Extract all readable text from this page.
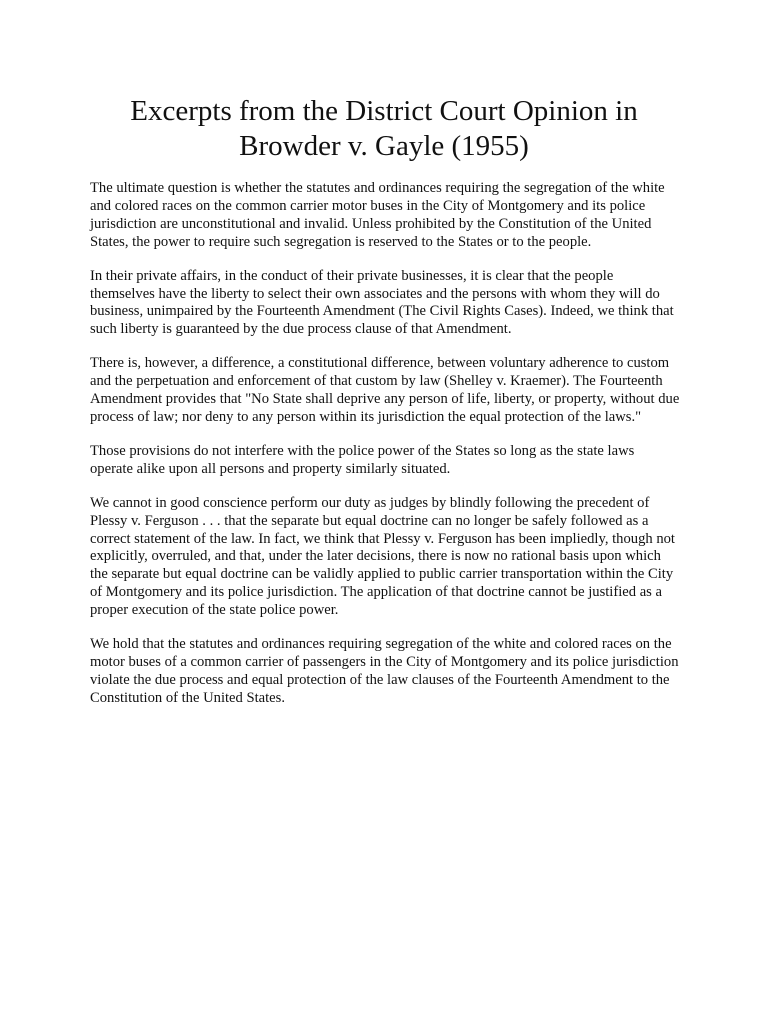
Excerpts from the District Court Opinion in Browder v. Gayle (1955)

The ultimate question is whether the statutes and ordinances requiring the segregation of the white and colored races on the common carrier motor buses in the City of Montgomery and its police jurisdiction are unconstitutional and invalid. Unless prohibited by the Constitution of the United States, the power to require such segregation is reserved to the States or to the people.

In their private affairs, in the conduct of their private businesses, it is clear that the people themselves have the liberty to select their own associates and the persons with whom they will do business, unimpaired by the Fourteenth Amendment (The Civil Rights Cases). Indeed, we think that such liberty is guaranteed by the due process clause of that Amendment.

There is, however, a difference, a constitutional difference, between voluntary adherence to custom and the perpetuation and enforcement of that custom by law (Shelley v. Kraemer). The Fourteenth Amendment provides that "No State shall deprive any person of life, liberty, or property, without due process of law; nor deny to any person within its jurisdiction the equal protection of the laws."

Those provisions do not interfere with the police power of the States so long as the state laws operate alike upon all persons and property similarly situated.

We cannot in good conscience perform our duty as judges by blindly following the precedent of Plessy v. Ferguson . . . that the separate but equal doctrine can no longer be safely followed as a correct statement of the law. In fact, we think that Plessy v. Ferguson has been impliedly, though not explicitly, overruled, and that, under the later decisions, there is now no rational basis upon which the separate but equal doctrine can be validly applied to public carrier transportation within the City of Montgomery and its police jurisdiction. The application of that doctrine cannot be justified as a proper execution of the state police power.

We hold that the statutes and ordinances requiring segregation of the white and colored races on the motor buses of a common carrier of passengers in the City of Montgomery and its police jurisdiction violate the due process and equal protection of the law clauses of the Fourteenth Amendment to the Constitution of the United States.
